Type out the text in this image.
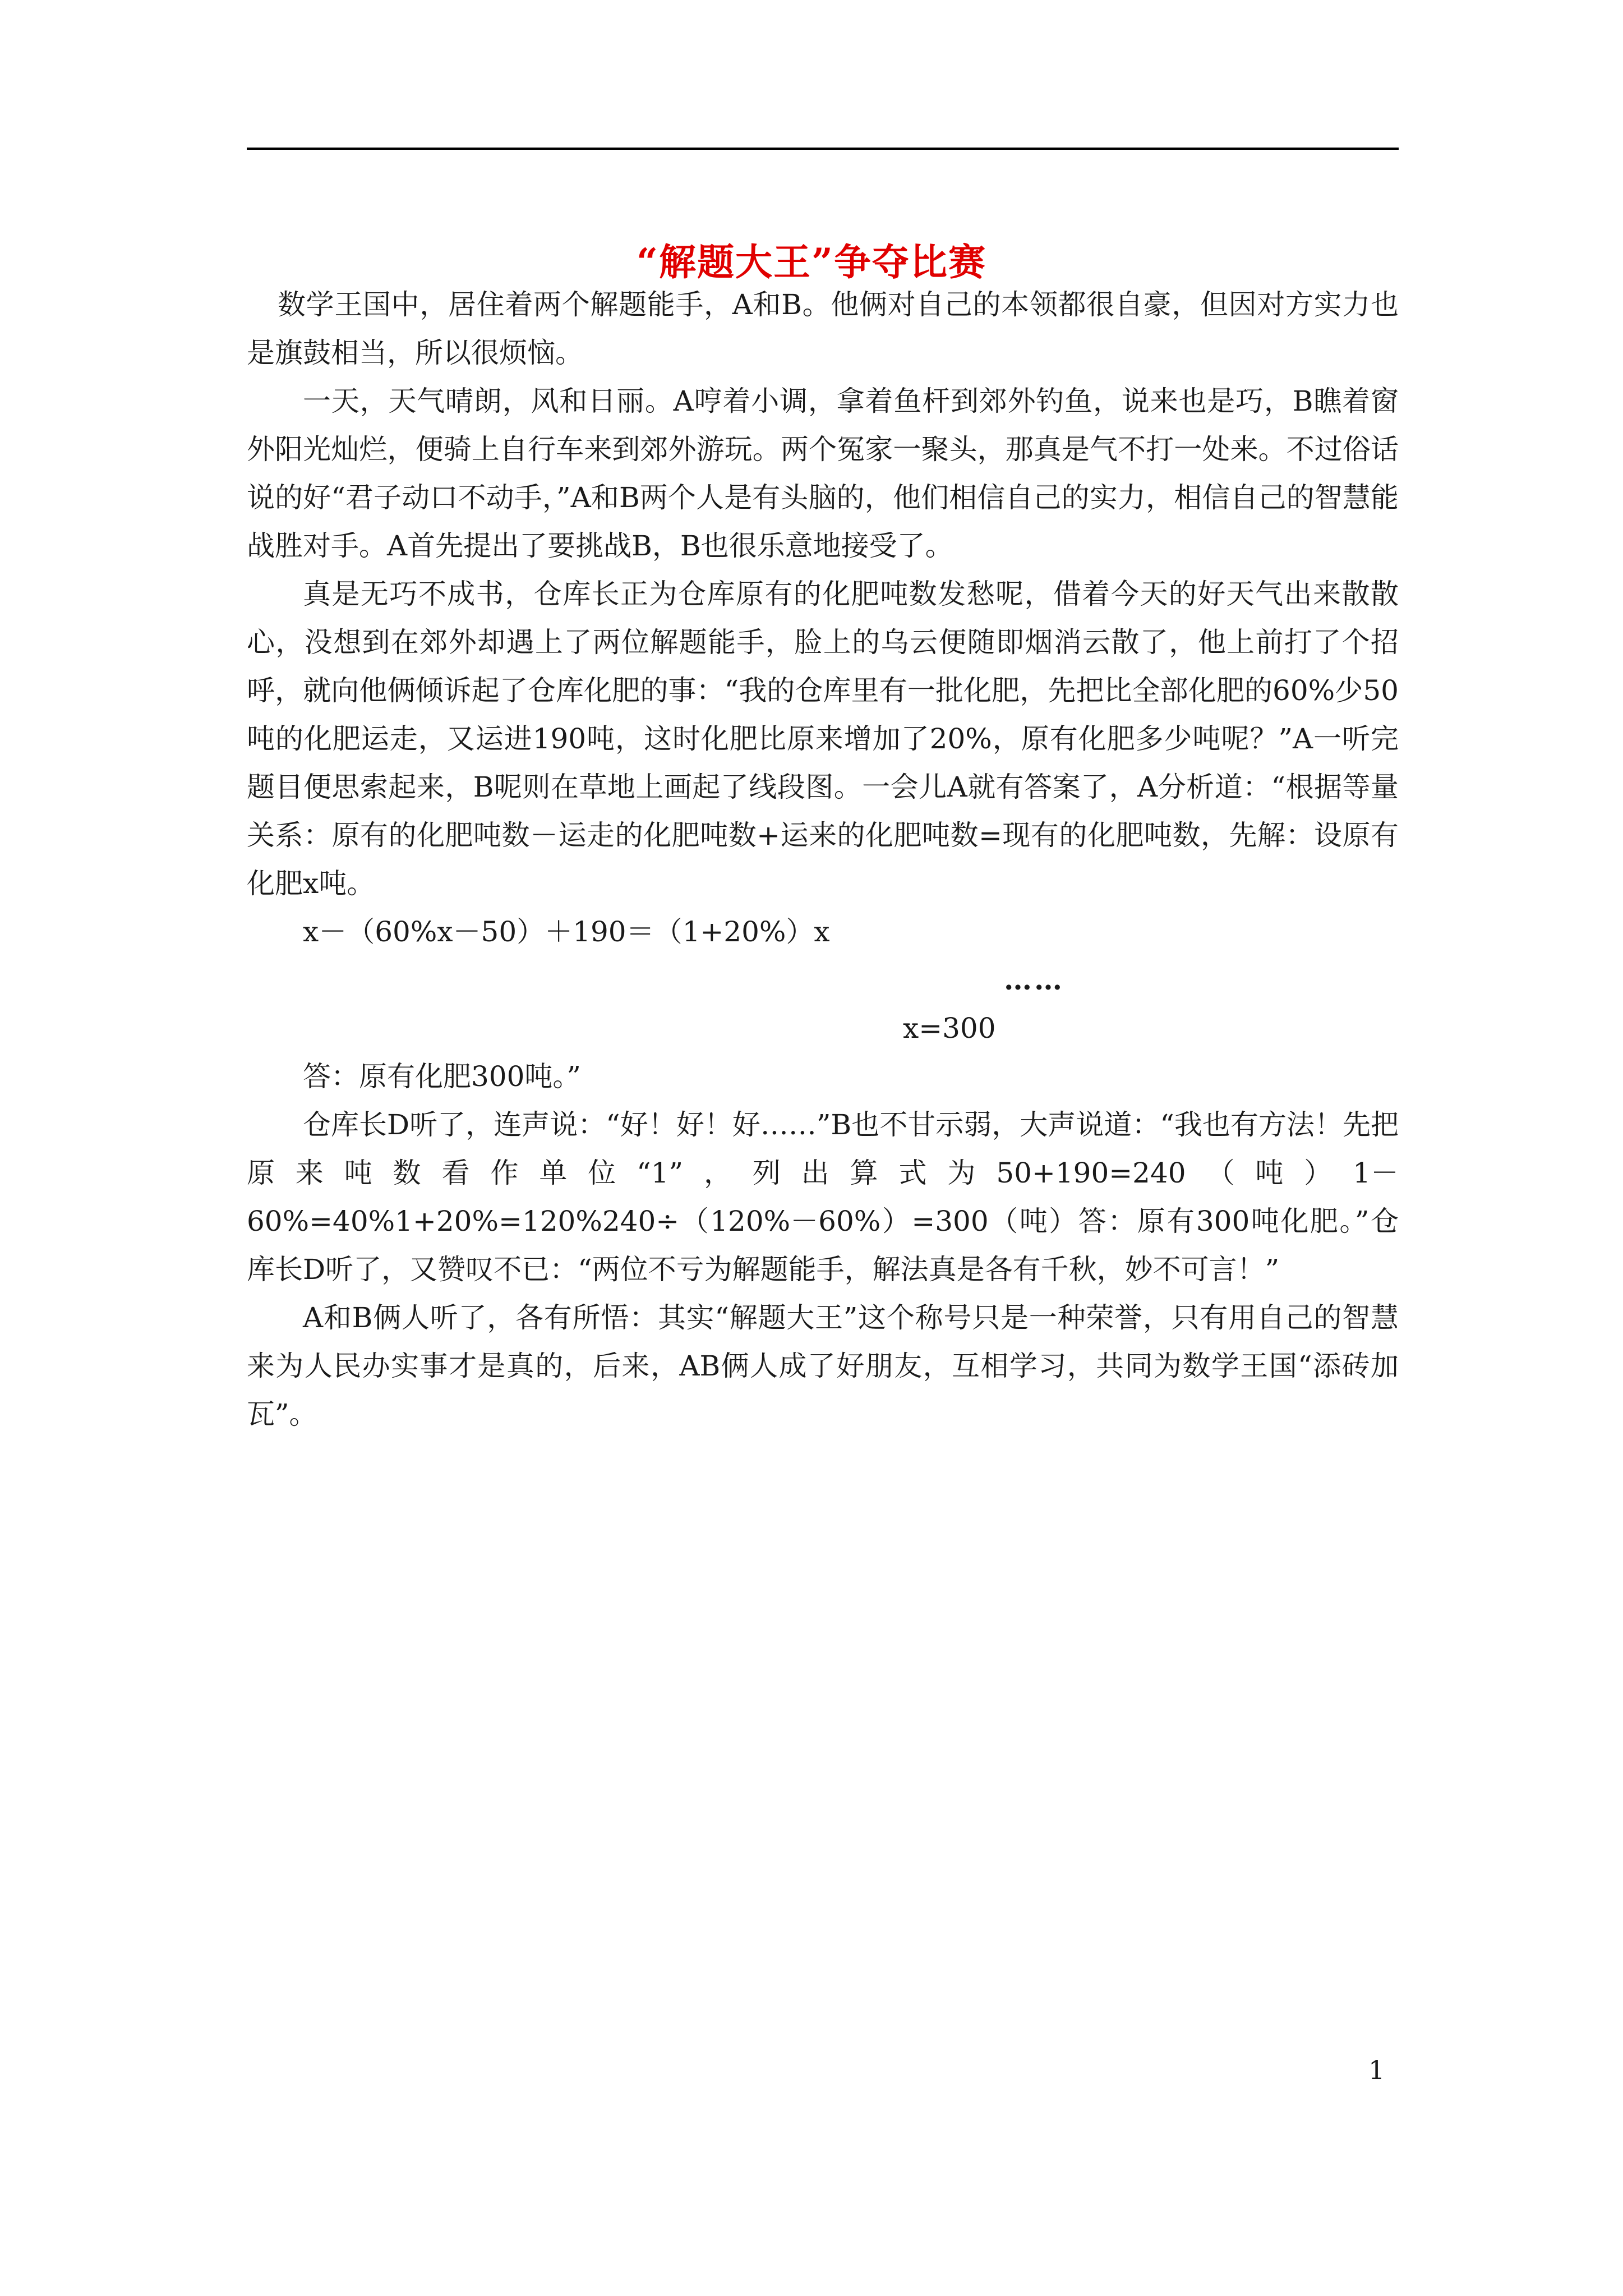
“解题大王”争夺比赛

数学王国中，居住着两个解题能手，A和B。他俩对自己的本领都很自豪，但因对方实力也是旗鼓相当，所以很烦恼。

一天，天气晴朗，风和日丽。A哼着小调，拿着鱼杆到郊外钓鱼，说来也是巧，B瞧着窗外阳光灿烂，便骑上自行车来到郊外游玩。两个冤家一聚头，那真是气不打一处来。不过俗话说的好“君子动口不动手，”A和B两个人是有头脑的，他们相信自己的实力，相信自己的智慧能战胜对手。A首先提出了要挑战B，B也很乐意地接受了。

真是无巧不成书，仓库长正为仓库原有的化肥吨数发愁呢，借着今天的好天气出来散散心，没想到在郊外却遇上了两位解题能手，脸上的乌云便随即烟消云散了，他上前打了个招呼，就向他俩倾诉起了仓库化肥的事：“我的仓库里有一批化肥，先把比全部化肥的60%少50吨的化肥运走，又运进190吨，这时化肥比原来增加了20%，原有化肥多少吨呢？”A一听完题目便思索起来，B呢则在草地上画起了线段图。一会儿A就有答案了，A分析道：“根据等量关系：原有的化肥吨数－运走的化肥吨数+运来的化肥吨数=现有的化肥吨数，先解：设原有化肥x吨。

x－（60%x－50）＋190＝（1+20%）x

……

x=300

答：原有化肥300吨。”

仓库长D听了，连声说：“好！好！好……”B也不甘示弱，大声说道：“我也有方法！先把原来吨数看作单位“1”，列出算式为50+190=240（吨）1－60%=40%1+20%=120%240÷（120%－60%）=300（吨）答：原有300吨化肥。”仓库长D听了，又赞叹不已：“两位不亏为解题能手，解法真是各有千秋，妙不可言！”

A和B俩人听了，各有所悟：其实“解题大王”这个称号只是一种荣誉，只有用自己的智慧来为人民办实事才是真的，后来，AB俩人成了好朋友，互相学习，共同为数学王国“添砖加瓦”。

1
